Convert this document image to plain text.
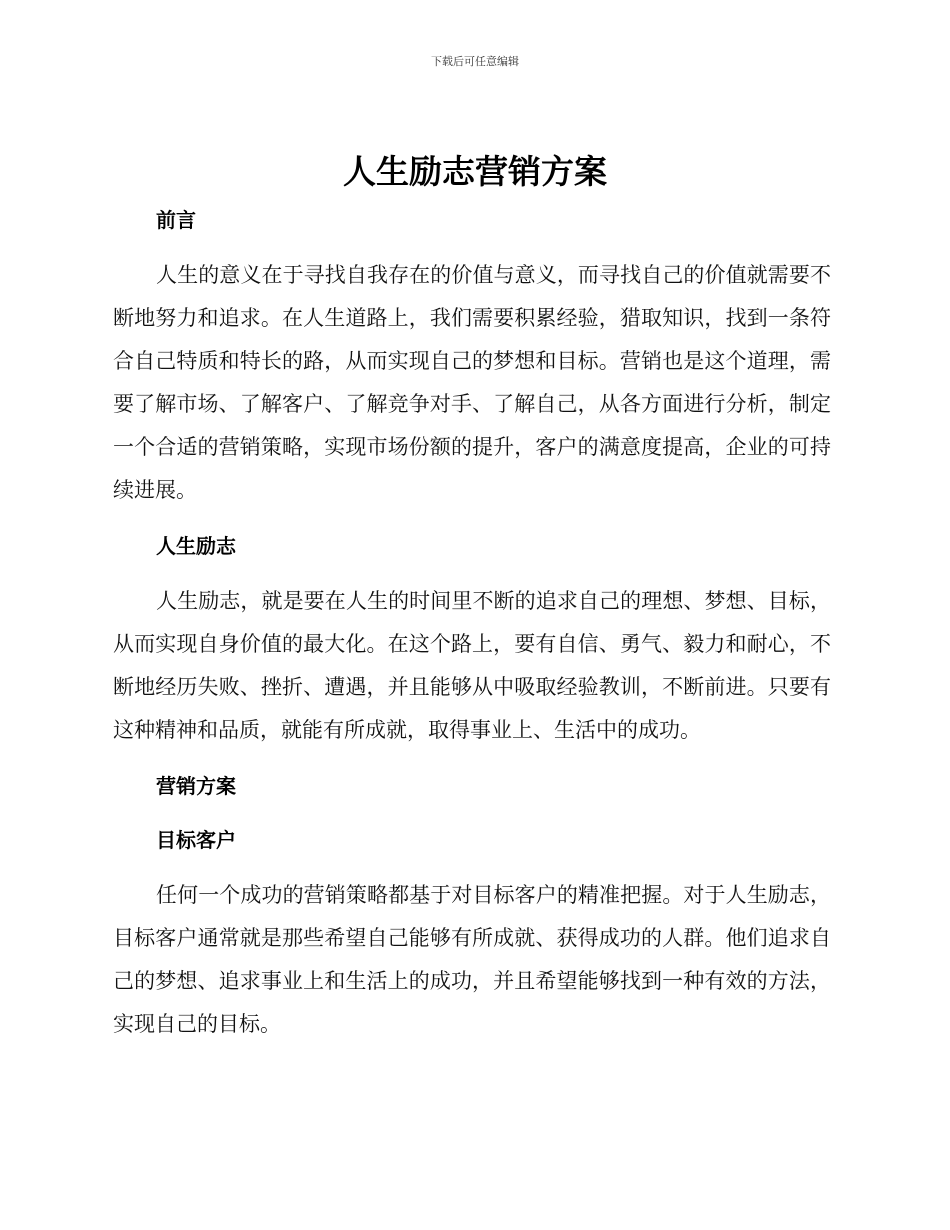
下载后可任意编辑
人生励志营销方案
前言

人生的意义在于寻找自我存在的价值与意义，而寻找自己的价值就需要不断地努力和追求。在人生道路上，我们需要积累经验，猎取知识，找到一条符合自己特质和特长的路，从而实现自己的梦想和目标。营销也是这个道理，需要了解市场、了解客户、了解竞争对手、了解自己，从各方面进行分析，制定一个合适的营销策略，实现市场份额的提升，客户的满意度提高，企业的可持续进展。

人生励志

人生励志，就是要在人生的时间里不断的追求自己的理想、梦想、目标，从而实现自身价值的最大化。在这个路上，要有自信、勇气、毅力和耐心，不断地经历失败、挫折、遭遇，并且能够从中吸取经验教训，不断前进。只要有这种精神和品质，就能有所成就，取得事业上、生活中的成功。

营销方案
目标客户

任何一个成功的营销策略都基于对目标客户的精准把握。对于人生励志，目标客户通常就是那些希望自己能够有所成就、获得成功的人群。他们追求自己的梦想、追求事业上和生活上的成功，并且希望能够找到一种有效的方法，实现自己的目标。
